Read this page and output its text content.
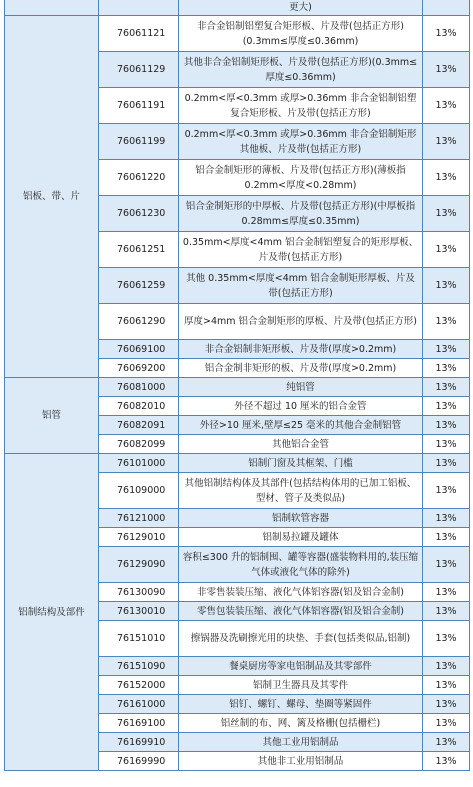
		更大)	
铝板、带、片	76061121	非合金铝制铝塑复合矩形板、片及带(包括正方形)(0.3mm≤厚度≤0.36mm)	13%
	76061129	其他非合金铝制矩形板、片及带(包括正方形)(0.3mm≤厚度≤0.36mm)	13%
	76061191	0.2mm<厚<0.3mm 或厚>0.36mm 非合金铝制铝塑复合矩形板、片及带(包括正方形)	13%
	76061199	0.2mm<厚<0.3mm 或厚>0.36mm 非合金铝制矩形其他板、片及带(包括正方形)	13%
	76061220	铝合金制矩形的薄板、片及带(包括正方形)(薄板指0.2mm<厚度<0.28mm)	13%
	76061230	铝合金制矩形的中厚板、片及带(包括正方形)(中厚板指 0.28mm≤厚度≤0.35mm)	13%
	76061251	0.35mm<厚度<4mm 铝合金制铝塑复合的矩形厚板、片及带(包括正方形)	13%
	76061259	其他 0.35mm<厚度<4mm 铝合金制矩形厚板、片及带(包括正方形)	13%
	76061290	厚度>4mm 铝合金制矩形的厚板、片及带(包括正方形)	13%
	76069100	非合金铝制非矩形板、片及带(厚度>0.2mm)	13%
	76069200	铝合金制非矩形的板、片及带(厚度>0.2mm)	13%
铝管	76081000	纯铝管	13%
	76082010	外径不超过 10 厘米的铝合金管	13%
	76082091	外径>10 厘米,壁厚≤25 毫米的其他合金制铝管	13%
	76082099	其他铝合金管	13%
铝制结构及部件	76101000	铝制门窗及其框架、门槛	13%
	76109000	其他铝制结构体及其部件(包括结构体用的已加工铝板、型材、管子及类似品)	13%
	76121000	铝制软管容器	13%
	76129010	铝制易拉罐及罐体	13%
	76129090	容积≤300 升的铝制囤、罐等容器(盛装物料用的,装压缩气体或液化气体的除外)	13%
	76130090	非零售装装压缩、液化气体铝容器(铝及铝合金制)	13%
	76130010	零售包装装压缩、液化气体铝容器(铝及铝合金制)	13%
	76151010	擦锅器及洗刷擦光用的块垫、手套(包括类似品,铝制)	13%
	76151090	餐桌厨房等家电铝制品及其零部件	13%
	76152000	铝制卫生器具及其零件	13%
	76161000	铝钉、螺钉、螺母、垫圈等紧固件	13%
	76169100	铝丝制的布、网、篱及格栅(包括栅栏)	13%
	76169910	其他工业用铝制品	13%
	76169990	其他非工业用铝制品	13%
